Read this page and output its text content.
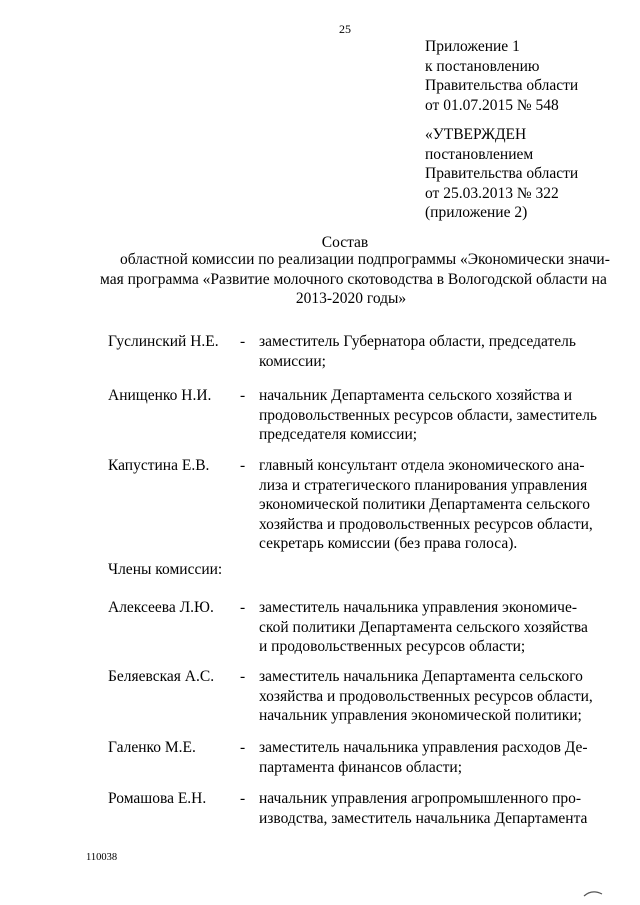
25
Приложение 1
к постановлению
Правительства области
от 01.07.2015 № 548
«УТВЕРЖДЕН
постановлением
Правительства области
от 25.03.2013 № 322
(приложение 2)
Состав
областной комиссии по реализации подпрограммы «Экономически значи-
мая программа «Развитие молочного скотоводства в Вологодской области на
2013-2020 годы»
Гуслинский Н.Е. - заместитель Губернатора области, председатель
комиссии;
Анищенко Н.И. - начальник Департамента сельского хозяйства и
продовольственных ресурсов области, заместитель
председателя комиссии;
Капустина Е.В. - главный консультант отдела экономического ана-
лиза и стратегического планирования управления
экономической политики Департамента сельского
хозяйства и продовольственных ресурсов области,
секретарь комиссии (без права голоса).
Члены комиссии:
Алексеева Л.Ю. - заместитель начальника управления экономиче-
ской политики Департамента сельского хозяйства
и продовольственных ресурсов области;
Беляевская А.С. - заместитель начальника Департамента сельского
хозяйства и продовольственных ресурсов области,
начальник управления экономической политики;
Галенко М.Е.	- заместитель начальника управления расходов Де-
партамента финансов области;
Ромашова Е.Н. - начальник управления агропромышленного про-
изводства, заместитель начальника Департамента
110038
